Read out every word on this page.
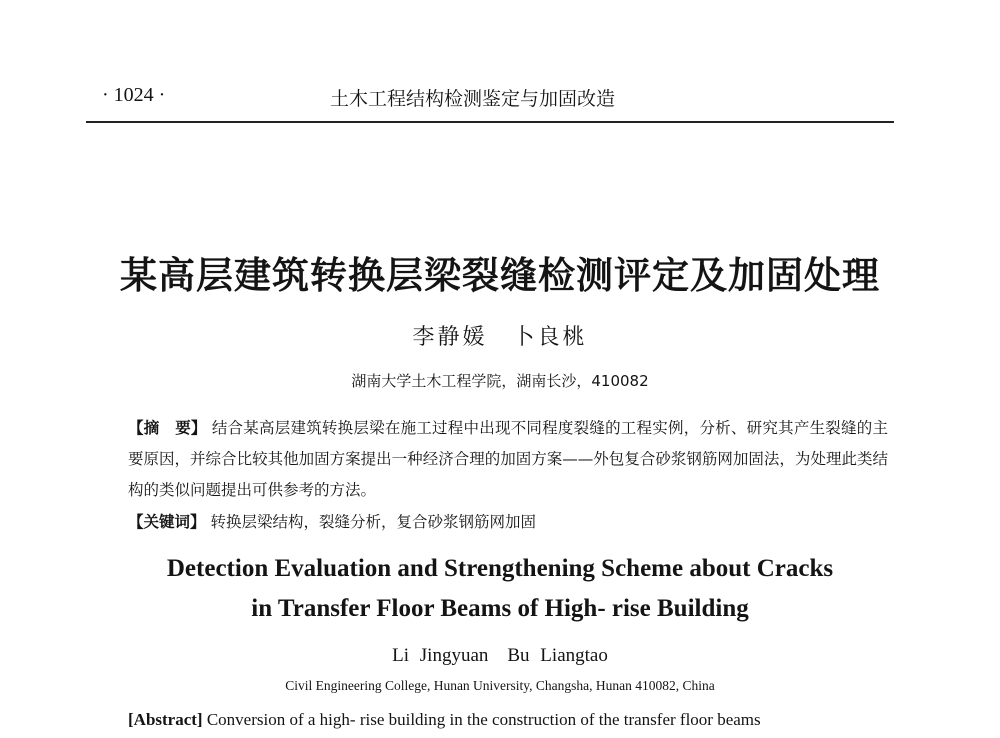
· 1024 ·	土木工程结构检测鉴定与加固改造
某高层建筑转换层梁裂缝检测评定及加固处理
李静媛　卜良桃
湖南大学土木工程学院，湖南长沙，410082

【摘　要】 结合某高层建筑转换层梁在施工过程中出现不同程度裂缝的工程实例，分析、研究其产生裂缝的主要原因，并综合比较其他加固方案提出一种经济合理的加固方案——外包复合砂浆钢筋网加固法，为处理此类结构的类似问题提出可供参考的方法。

【关键词】 转换层梁结构，裂缝分析，复合砂浆钢筋网加固

Detection Evaluation and Strengthening Scheme about Cracks
in Transfer Floor Beams of High- rise Building
Li Jingyuan　Bu Liangtao
Civil Engineering College, Hunan University, Changsha, Hunan 410082, China
[Abstract] Conversion of a high- rise building in the construction of the transfer floor beams
